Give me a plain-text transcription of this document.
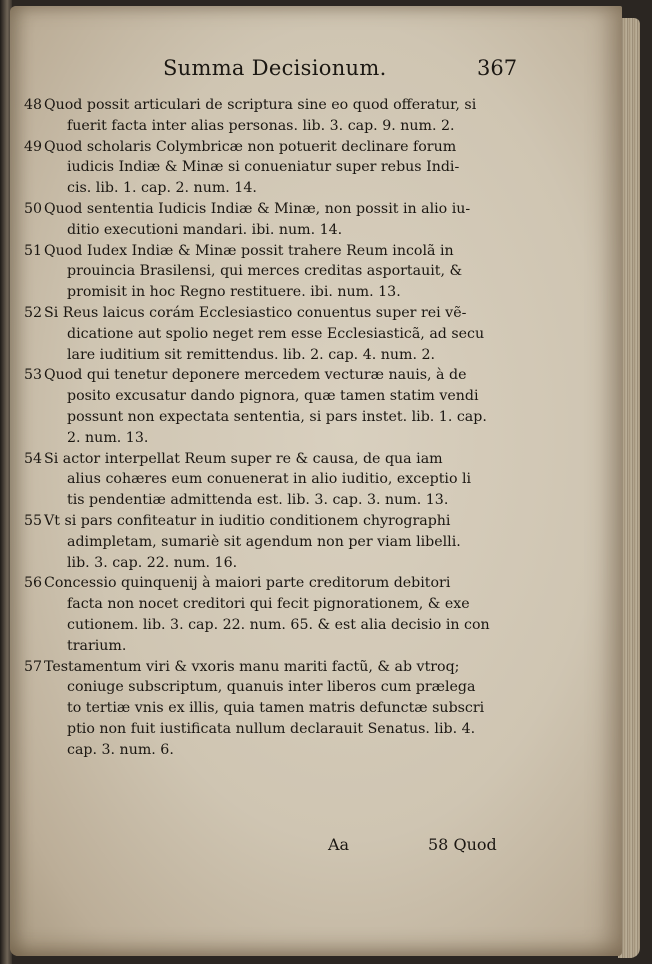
Summa Decisionum.	367
48 Quod possit articulari de scriptura sine eo quod offeratur, si
fuerit facta inter alias personas. lib. 3. cap. 9. num. 2.
49 Quod scholaris Colymbricæ non potuerit declinare forum
iudicis Indiæ & Minæ si conueniatur super rebus Indi-
cis. lib. 1. cap. 2. num. 14.
50 Quod sententia Iudicis Indiæ & Minæ, non possit in alio iu-
ditio executioni mandari. ibi. num. 14.
51 Quod Iudex Indiæ & Minæ possit trahere Reum incolã in
prouincia Brasilensi, qui merces creditas asportauit, &
promisit in hoc Regno restituere. ibi. num. 13.
52 Si Reus laicus corám Ecclesiastico conuentus super rei vẽ-
dicatione aut spolio neget rem esse Ecclesiasticã, ad secu
lare iuditium sit remittendus. lib. 2. cap. 4. num. 2.
53 Quod qui tenetur deponere mercedem vecturæ nauis, à de
posito excusatur dando pignora, quæ tamen statim vendi
possunt non expectata sententia, si pars instet. lib. 1. cap.
2. num. 13.
54 Si actor interpellat Reum super re & causa, de qua iam
alius cohæres eum conuenerat in alio iuditio, exceptio li
tis pendentiæ admittenda est. lib. 3. cap. 3. num. 13.
55 Vt si pars confiteatur in iuditio conditionem chyrographi
adimpletam, sumariè sit agendum non per viam libelli.
lib. 3. cap. 22. num. 16.
56 Concessio quinquenij à maiori parte creditorum debitori
facta non nocet creditori qui fecit pignorationem, & exe
cutionem. lib. 3. cap. 22. num. 65. & est alia decisio in con
trarium.
57 Testamentum viri & vxoris manu mariti factũ, & ab vtroq;
coniuge subscriptum, quanuis inter liberos cum prælega
to tertiæ vnis ex illis, quia tamen matris defunctæ subscri
ptio non fuit iustificata nullum declarauit Senatus. lib. 4.
cap. 3. num. 6.
Aa	58 Quod
